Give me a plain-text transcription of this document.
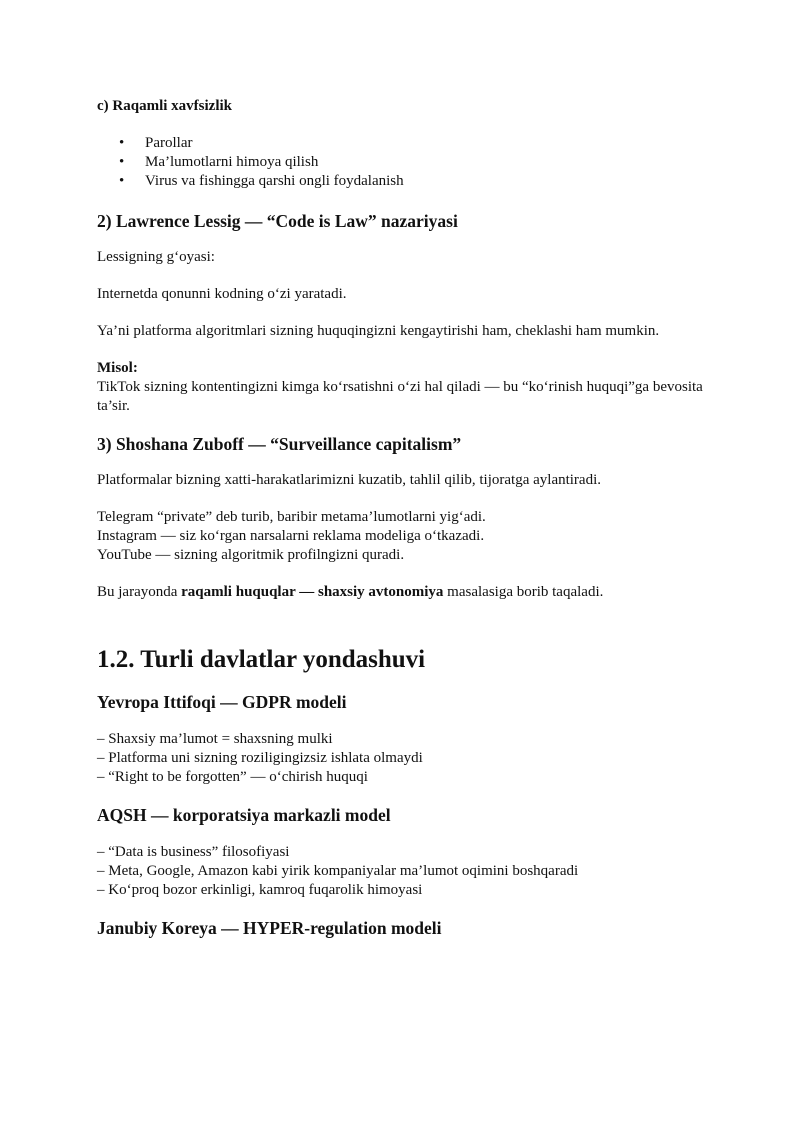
c) Raqamli xavfsizlik
• Parollar
• Ma’lumotlarni himoya qilish
• Virus va fishingga qarshi ongli foydalanish
2) Lawrence Lessig — “Code is Law” nazariyasi

Lessigning g‘oyasi:

Internetda qonunni kodning o‘zi yaratadi.

Ya’ni platforma algoritmlari sizning huquqingizni kengaytirishi ham, cheklashi ham mumkin.

Misol:

TikTok sizning kontentingizni kimga ko‘rsatishni o‘zi hal qiladi — bu “ko‘rinish huquqi”ga bevosita ta’sir.

3) Shoshana Zuboff — “Surveillance capitalism”

Platformalar bizning xatti-harakatlarimizni kuzatib, tahlil qilib, tijoratga aylantiradi.

Telegram “private” deb turib, baribir metama’lumotlarni yig‘adi.

Instagram — siz ko‘rgan narsalarni reklama modeliga o‘tkazadi.

YouTube — sizning algoritmik profilngizni quradi.

Bu jarayonda raqamli huquqlar — shaxsiy avtonomiya masalasiga borib taqaladi.

1.2. Turli davlatlar yondashuvi
Yevropa Ittifoqi — GDPR modeli

– Shaxsiy ma’lumot = shaxsning mulki

– Platforma uni sizning roziligingizsiz ishlata olmaydi

– “Right to be forgotten” — o‘chirish huquqi

AQSH — korporatsiya markazli model

– “Data is business” filosofiyasi

– Meta, Google, Amazon kabi yirik kompaniyalar ma’lumot oqimini boshqaradi

– Ko‘proq bozor erkinligi, kamroq fuqarolik himoyasi

Janubiy Koreya — HYPER-regulation modeli
